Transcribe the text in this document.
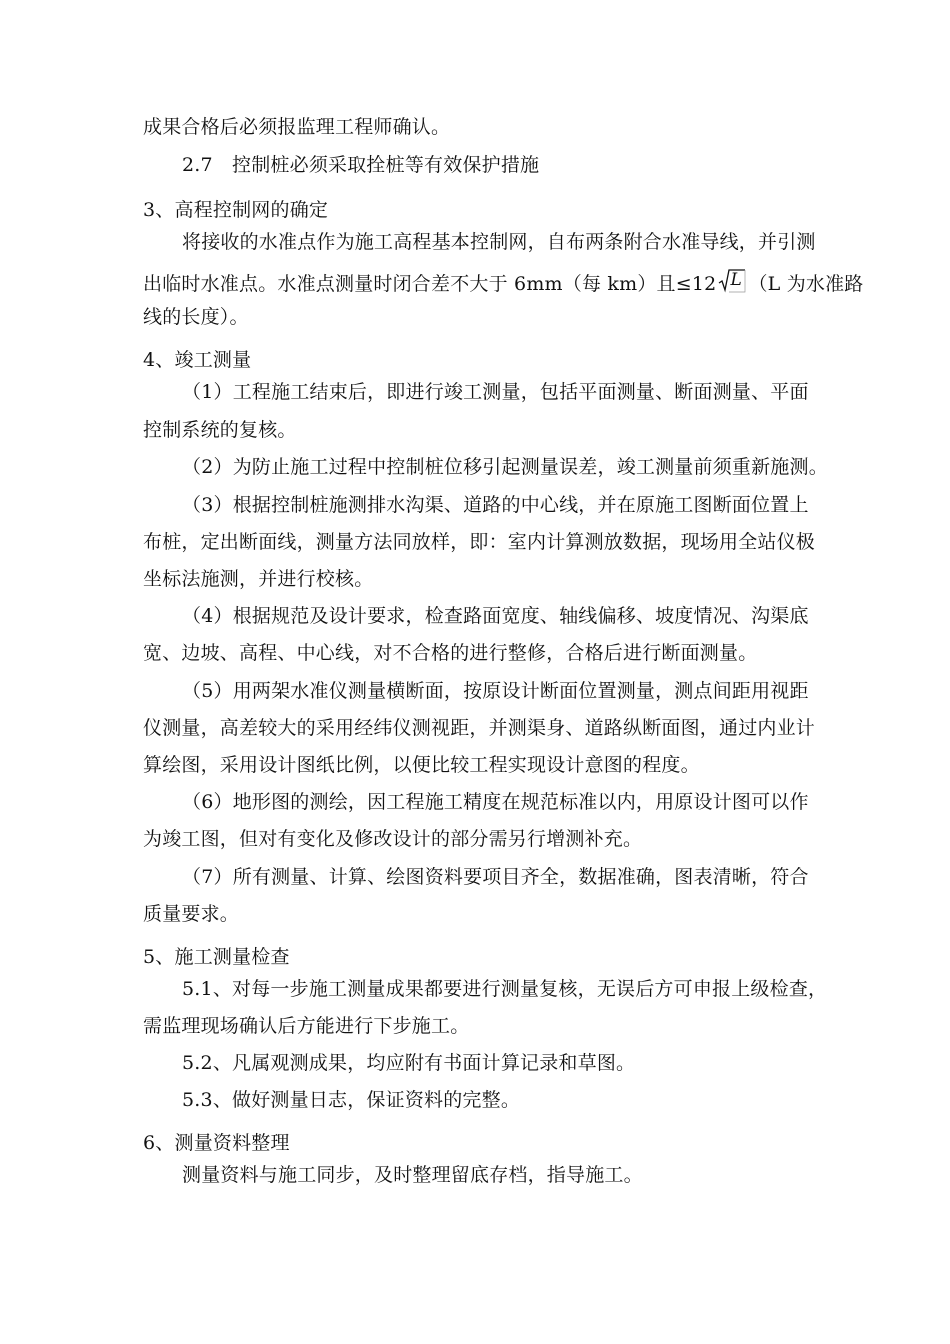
成果合格后必须报监理工程师确认。
2.7　控制桩必须采取拴桩等有效保护措施
3、高程控制网的确定
将接收的水准点作为施工高程基本控制网，自布两条附合水准导线，并引测
出临时水准点。水准点测量时闭合差不大于 6mm（每 km）且≤12 L （L 为水准路
线的长度）。
4、竣工测量
（1）工程施工结束后，即进行竣工测量，包括平面测量、断面测量、平面
控制系统的复核。
（2）为防止施工过程中控制桩位移引起测量误差，竣工测量前须重新施测。
（3）根据控制桩施测排水沟渠、道路的中心线，并在原施工图断面位置上
布桩，定出断面线，测量方法同放样，即：室内计算测放数据，现场用全站仪极
坐标法施测，并进行校核。
（4）根据规范及设计要求，检查路面宽度、轴线偏移、坡度情况、沟渠底
宽、边坡、高程、中心线，对不合格的进行整修，合格后进行断面测量。
（5）用两架水准仪测量横断面，按原设计断面位置测量，测点间距用视距
仪测量，高差较大的采用经纬仪测视距，并测渠身、道路纵断面图，通过内业计
算绘图，采用设计图纸比例，以便比较工程实现设计意图的程度。
（6）地形图的测绘，因工程施工精度在规范标准以内，用原设计图可以作
为竣工图，但对有变化及修改设计的部分需另行增测补充。
（7）所有测量、计算、绘图资料要项目齐全，数据准确，图表清晰，符合
质量要求。
5、施工测量检查
5.1、对每一步施工测量成果都要进行测量复核，无误后方可申报上级检查，
需监理现场确认后方能进行下步施工。
5.2、凡属观测成果，均应附有书面计算记录和草图。
5.3、做好测量日志，保证资料的完整。
6、测量资料整理
测量资料与施工同步，及时整理留底存档，指导施工。
